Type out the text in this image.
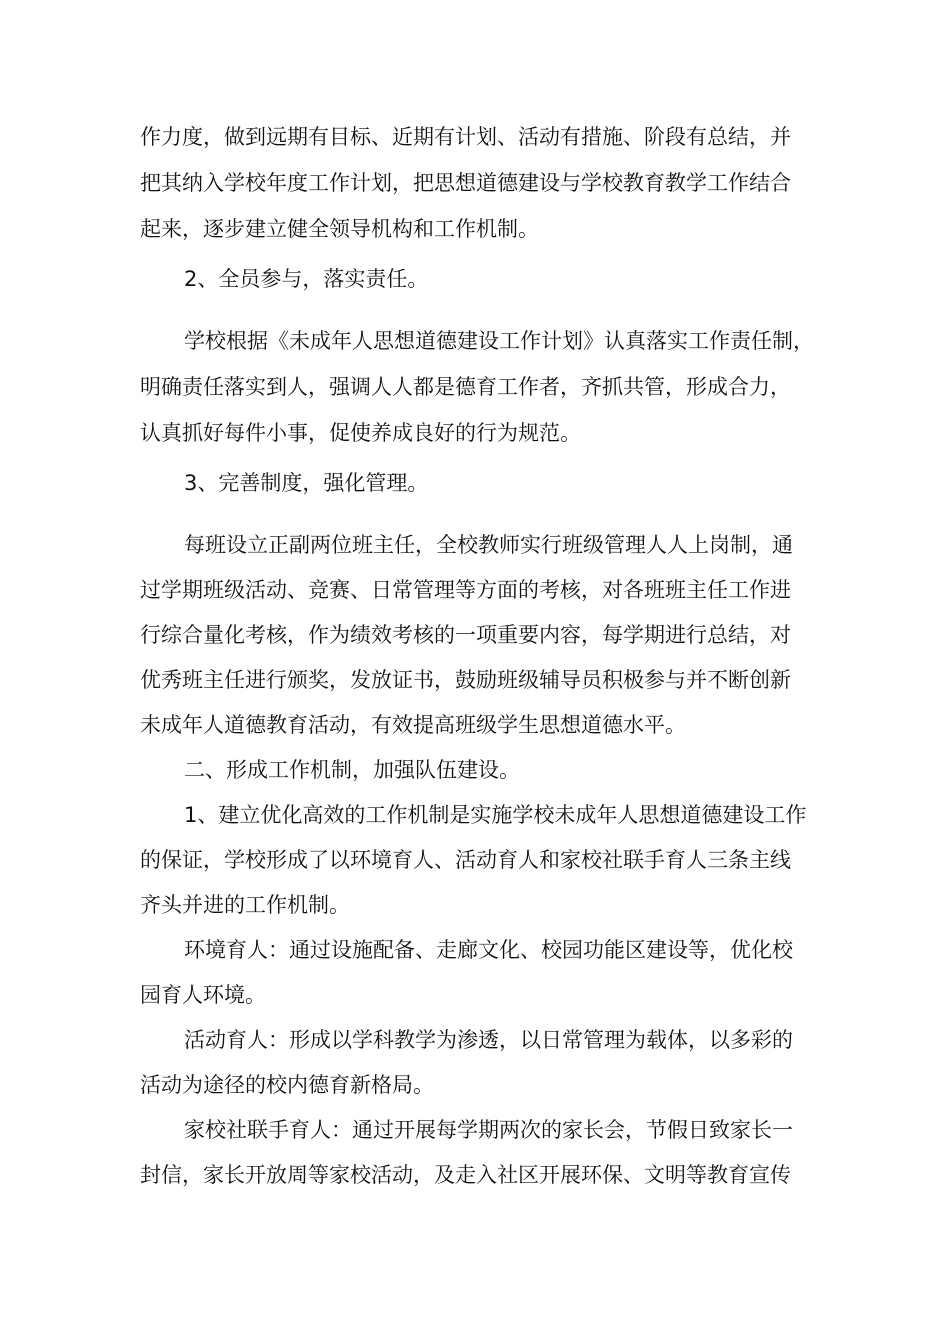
作力度，做到远期有目标、近期有计划、活动有措施、阶段有总结，并

把其纳入学校年度工作计划，把思想道德建设与学校教育教学工作结合

起来，逐步建立健全领导机构和工作机制。

2、全员参与，落实责任。

学校根据《未成年人思想道德建设工作计划》认真落实工作责任制，

明确责任落实到人，强调人人都是德育工作者，齐抓共管，形成合力，

认真抓好每件小事，促使养成良好的行为规范。

3、完善制度，强化管理。

每班设立正副两位班主任，全校教师实行班级管理人人上岗制，通

过学期班级活动、竞赛、日常管理等方面的考核，对各班班主任工作进

行综合量化考核，作为绩效考核的一项重要内容，每学期进行总结，对

优秀班主任进行颁奖，发放证书，鼓励班级辅导员积极参与并不断创新

未成年人道德教育活动，有效提高班级学生思想道德水平。

二、形成工作机制，加强队伍建设。

1、建立优化高效的工作机制是实施学校未成年人思想道德建设工作

的保证，学校形成了以环境育人、活动育人和家校社联手育人三条主线

齐头并进的工作机制。

环境育人：通过设施配备、走廊文化、校园功能区建设等，优化校

园育人环境。

活动育人：形成以学科教学为渗透，以日常管理为载体，以多彩的

活动为途径的校内德育新格局。

家校社联手育人：通过开展每学期两次的家长会，节假日致家长一

封信，家长开放周等家校活动，及走入社区开展环保、文明等教育宣传
